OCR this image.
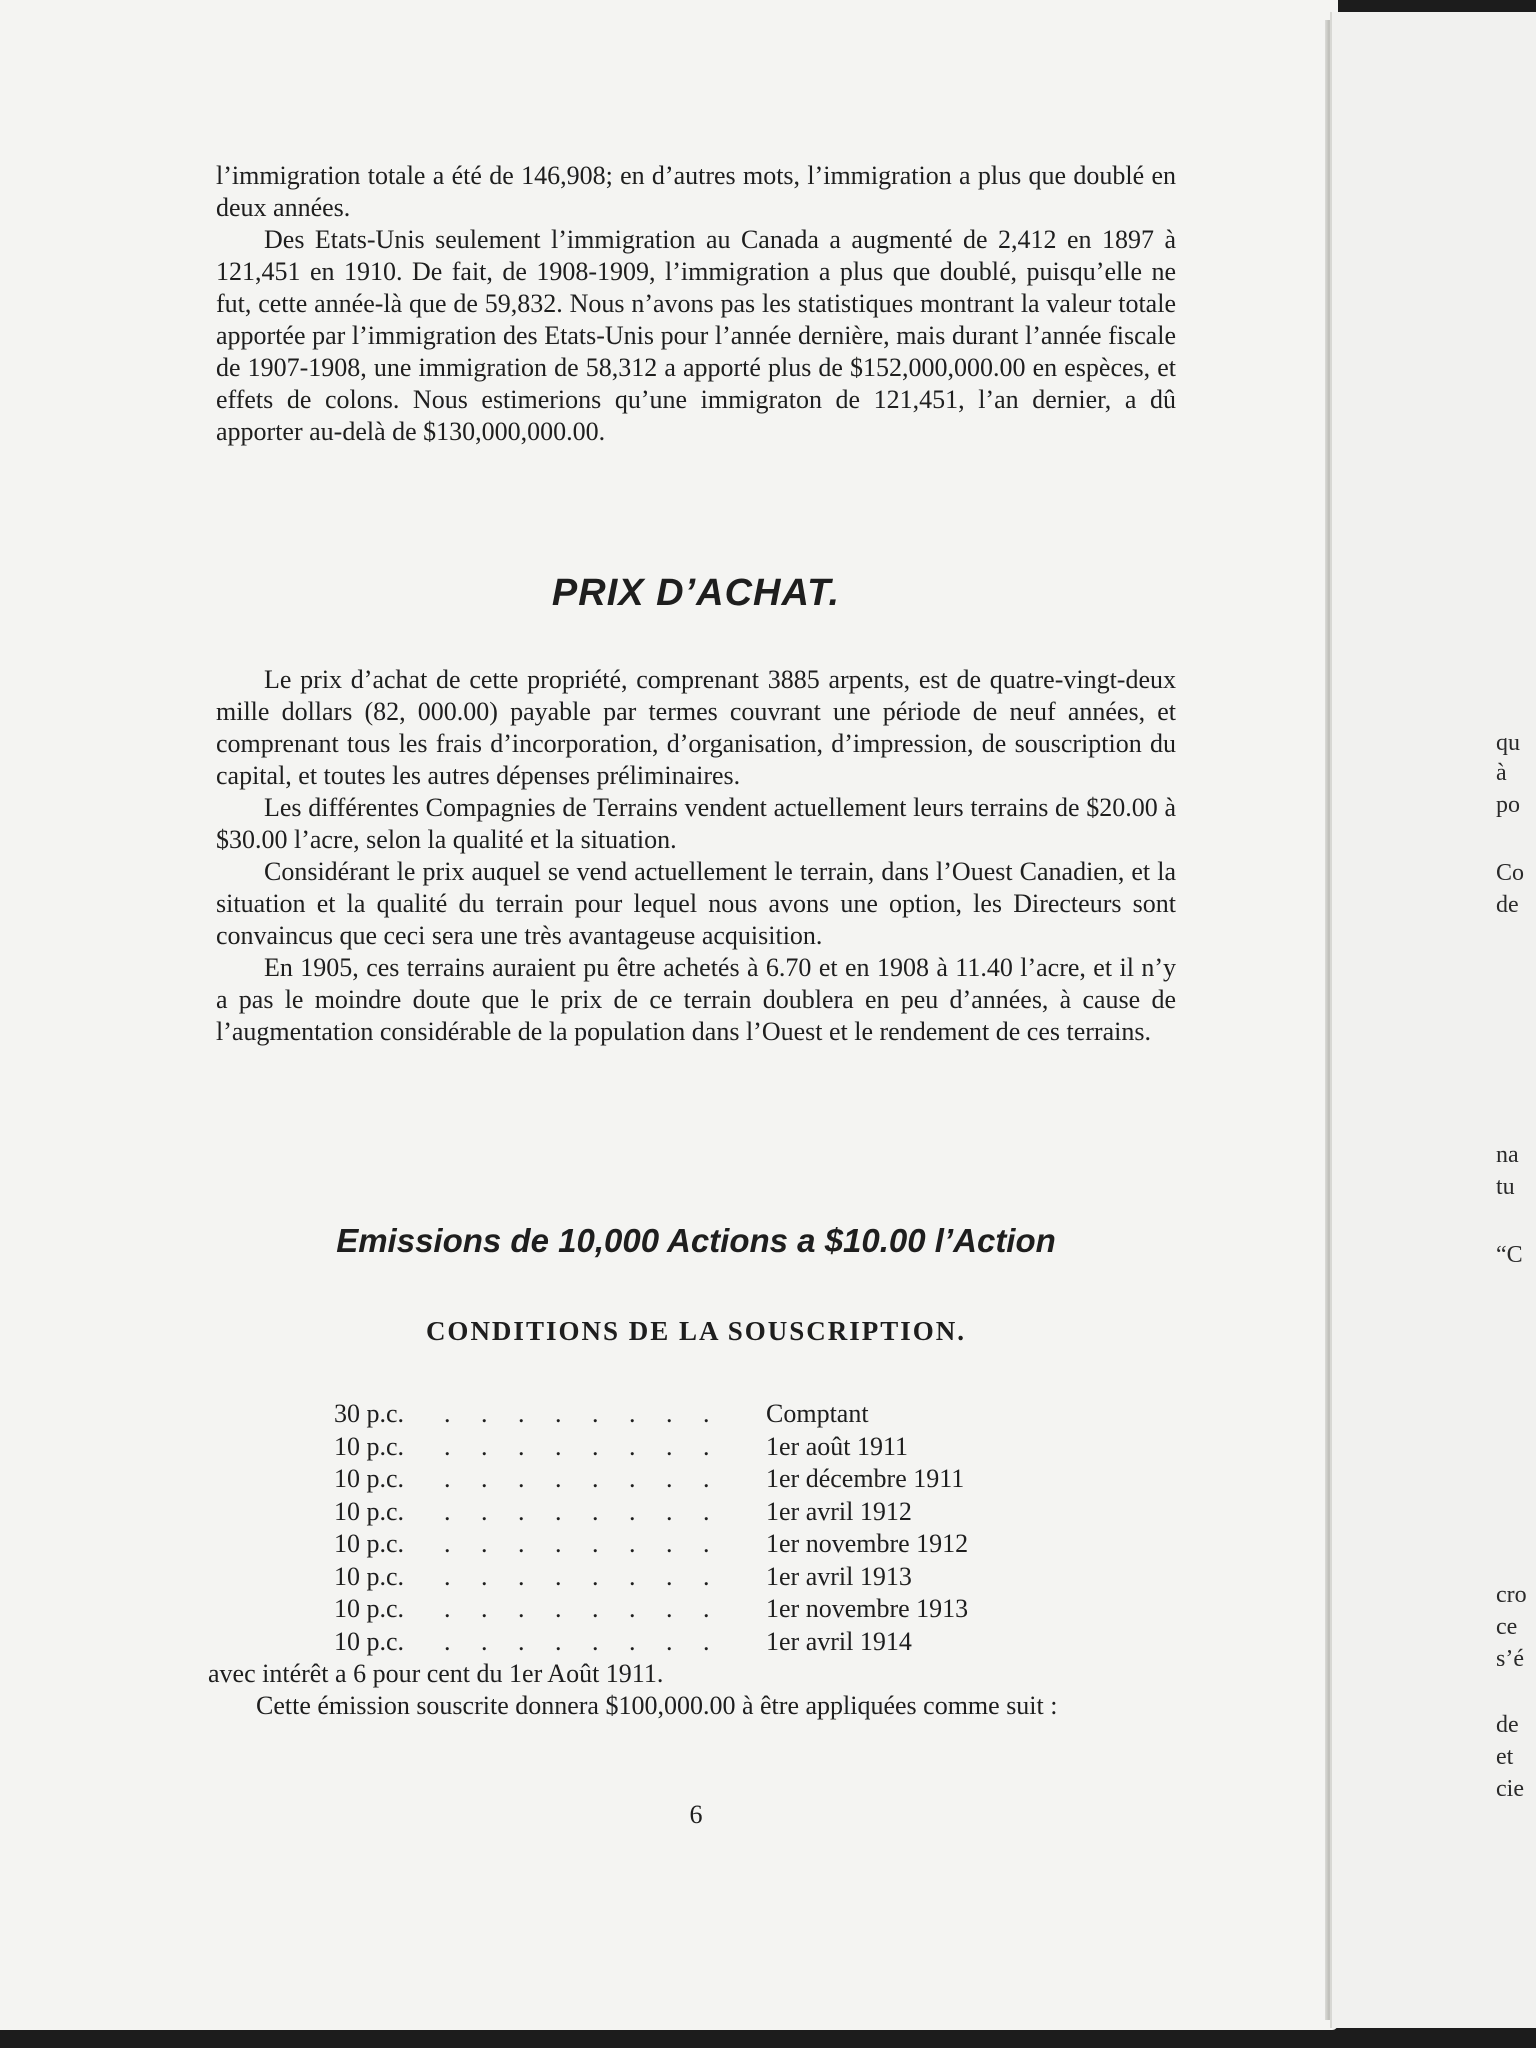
l’immigration totale a été de 146,908; en d’autres mots, l’immigration a plus que doublé en deux années.

Des Etats-Unis seulement l’immigration au Canada a augmenté de 2,412 en 1897 à 121,451 en 1910. De fait, de 1908-1909, l’immigration a plus que doublé, puisqu’elle ne fut, cette année-là que de 59,832. Nous n’avons pas les statistiques montrant la valeur totale apportée par l’immigration des Etats-Unis pour l’année dernière, mais durant l’année fiscale de 1907-1908, une immigration de 58,312 a apporté plus de $152,000,000.00 en espèces, et effets de colons. Nous estimerions qu’une immigraton de 121,451, l’an dernier, a dû apporter au-delà de $130,000,000.00.

PRIX D’ACHAT.

Le prix d’achat de cette propriété, comprenant 3885 arpents, est de quatre-vingt-deux mille dollars (82, 000.00) payable par termes couvrant une période de neuf années, et comprenant tous les frais d’incorporation, d’organisation, d’impression, de souscription du capital, et toutes les autres dépenses préliminaires.

Les différentes Compagnies de Terrains vendent actuellement leurs terrains de $20.00 à $30.00 l’acre, selon la qualité et la situation.

Considérant le prix auquel se vend actuellement le terrain, dans l’Ouest Canadien, et la situation et la qualité du terrain pour lequel nous avons une option, les Directeurs sont convaincus que ceci sera une très avantageuse acquisition.

En 1905, ces terrains auraient pu être achetés à 6.70 et en 1908 à 11.40 l’acre, et il n’y a pas le moindre doute que le prix de ce terrain doublera en peu d’années, à cause de l’augmentation considérable de la population dans l’Ouest et le rendement de ces terrains.

Emissions de 10,000 Actions a $10.00 l’Action
CONDITIONS DE LA SOUSCRIPTION.
30 p.c.	. . . . . . . .	Comptant
10 p.c.	. . . . . . . .	1er août 1911
10 p.c.	. . . . . . . .	1er décembre 1911
10 p.c.	. . . . . . . .	1er avril 1912
10 p.c.	. . . . . . . .	1er novembre 1912
10 p.c.	. . . . . . . .	1er avril 1913
10 p.c.	. . . . . . . .	1er novembre 1913
10 p.c.	. . . . . . . .	1er avril 1914

avec intérêt a 6 pour cent du 1er Août 1911.

Cette émission souscrite donnera $100,000.00 à être appliquées comme suit :

6

qu
à
po
Co
de
na
tu
“C
cro
ce
s’é
de
et
cie
